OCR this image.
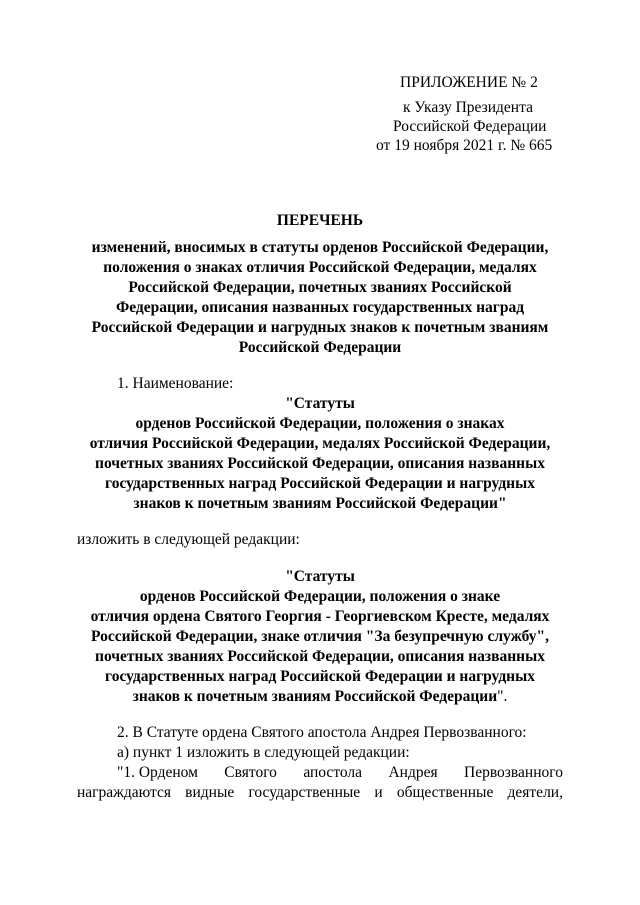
ПРИЛОЖЕНИЕ № 2
к Указу Президента
Российской Федерации
от 19 ноября 2021 г. № 665
ПЕРЕЧЕНЬ
изменений, вносимых в статуты орденов Российской Федерации,
положения о знаках отличия Российской Федерации, медалях
Российской Федерации, почетных званиях Российской
Федерации, описания названных государственных наград
Российской Федерации и нагрудных знаков к почетным званиям
Российской Федерации
1. Наименование:
"Статуты
орденов Российской Федерации, положения о знаках
отличия Российской Федерации, медалях Российской Федерации,
почетных званиях Российской Федерации, описания названных
государственных наград Российской Федерации и нагрудных
знаков к почетным званиям Российской Федерации"
изложить в следующей редакции:
"Статуты
орденов Российской Федерации, положения о знаке
отличия ордена Святого Георгия - Георгиевском Кресте, медалях
Российской Федерации, знаке отличия "За безупречную службу",
почетных званиях Российской Федерации, описания названных
государственных наград Российской Федерации и нагрудных
знаков к почетным званиям Российской Федерации".
2. В Статуте ордена Святого апостола Андрея Первозванного:
а) пункт 1 изложить в следующей редакции:
"1. Орденом Святого апостола Андрея Первозванного
награждаются видные государственные и общественные деятели,
